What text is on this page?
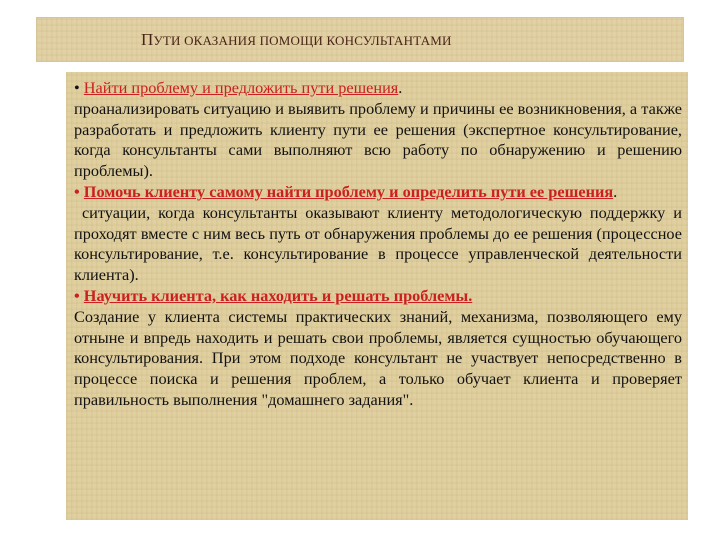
ПУТИ ОКАЗАНИЯ ПОМОЩИ КОНСУЛЬТАНТАМИ

• Найти проблему и предложить пути решения.

проанализировать ситуацию и выявить проблему и причины ее возникновения, а также разработать и предложить клиенту пути ее решения (экспертное консультирование, когда консультанты сами выполняют всю работу по обнаружению и решению проблемы).

• Помочь клиенту самому найти проблему и определить пути ее решения.

ситуации, когда консультанты оказывают клиенту методологическую поддержку и проходят вместе с ним весь путь от обнаружения проблемы до ее решения (процессное консультирование, т.е. консультирование в процессе управленческой деятельности клиента).

• Научить клиента, как находить и решать проблемы.

Создание у клиента системы практических знаний, механизма, позволяющего ему отныне и впредь находить и решать свои проблемы, является сущностью обучающего консультирования. При этом подходе консультант не участвует непосредственно в процессе поиска и решения проблем, а только обучает клиента и проверяет правильность выполнения "домашнего задания".
